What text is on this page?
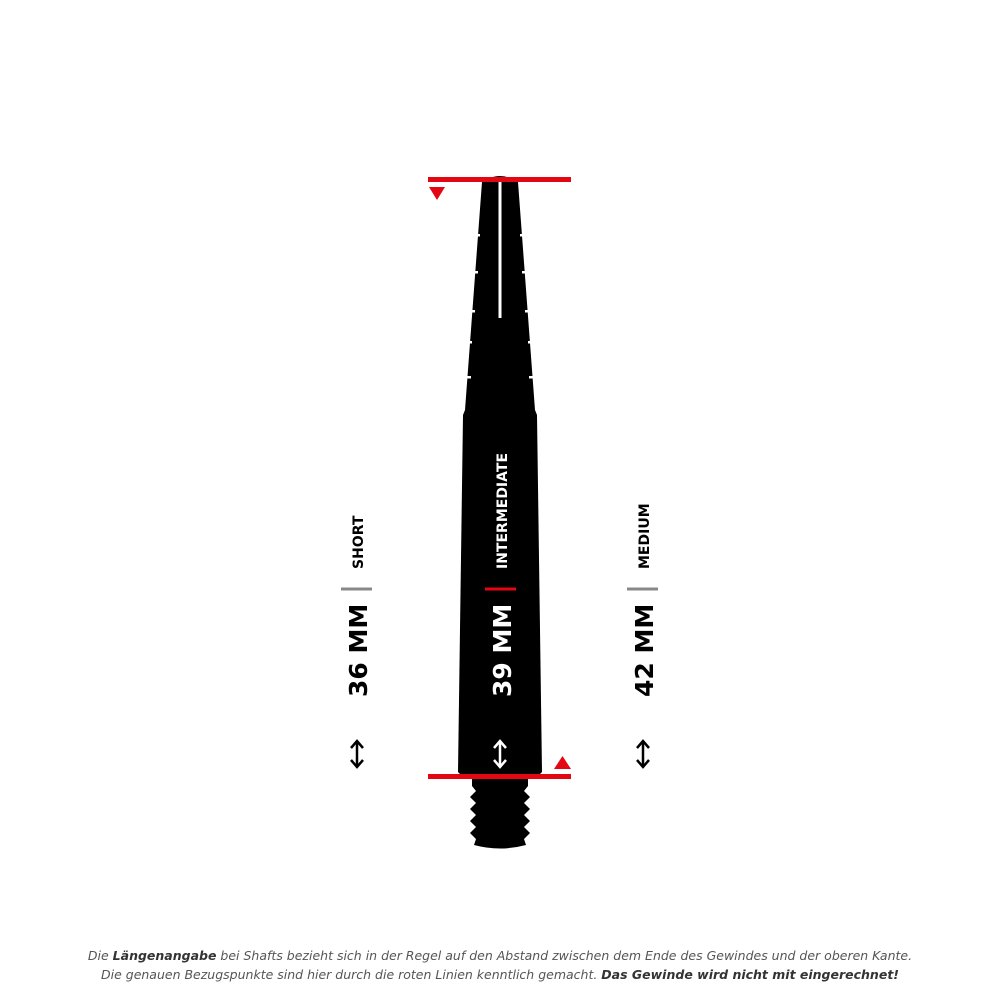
SHORT
36 MM
INTERMEDIATE
39 MM
MEDIUM
42 MM
Die Längenangabe bei Shafts bezieht sich in der Regel auf den Abstand zwischen dem Ende des Gewindes und der oberen Kante.
Die genauen Bezugspunkte sind hier durch die roten Linien kenntlich gemacht. Das Gewinde wird nicht mit eingerechnet!
